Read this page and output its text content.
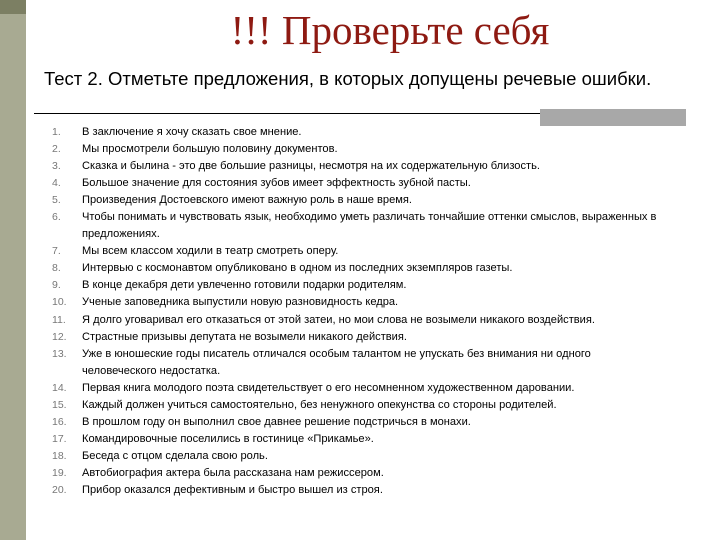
!!! Проверьте себя
Тест 2. Отметьте предложения, в которых допущены речевые ошибки.
1.	В заключение я хочу сказать свое мнение.
2.	Мы просмотрели большую половину документов.
3.	Сказка и былина - это две большие разницы, несмотря на их содержательную близость.
4.	Большое значение для состояния зубов имеет эффектность зубной пасты.
5.	Произведения Достоевского имеют важную роль в наше время.
6.	Чтобы понимать и чувствовать язык, необходимо уметь различать тончайшие оттенки смыслов, выраженных в
предложениях.
7.	Мы всем классом ходили в театр смотреть оперу.
8.	Интервью с космонавтом опубликовано в одном из последних экземпляров газеты.
9.	В конце декабря дети увлеченно готовили подарки родителям.
10.	Ученые заповедника выпустили новую разновидность кедра.
11.	Я долго уговаривал его отказаться от этой затеи, но мои слова не возымели никакого воздействия.
12.	Страстные призывы депутата не возымели никакого действия.
13.	Уже в юношеские годы писатель отличался особым талантом не упускать без внимания ни одного
человеческого недостатка.
14.	Первая книга молодого поэта свидетельствует о его несомненном художественном даровании.
15.	Каждый должен учиться самостоятельно, без ненужного опекунства со стороны родителей.
16.	В прошлом году он выполнил свое давнее решение подстричься в монахи.
17.	Командировочные поселились в гостинице «Прикамье».
18.	Беседа с отцом сделала свою роль.
19.	Автобиография актера была рассказана нам режиссером.
20.	Прибор оказался дефективным и быстро вышел из строя.
